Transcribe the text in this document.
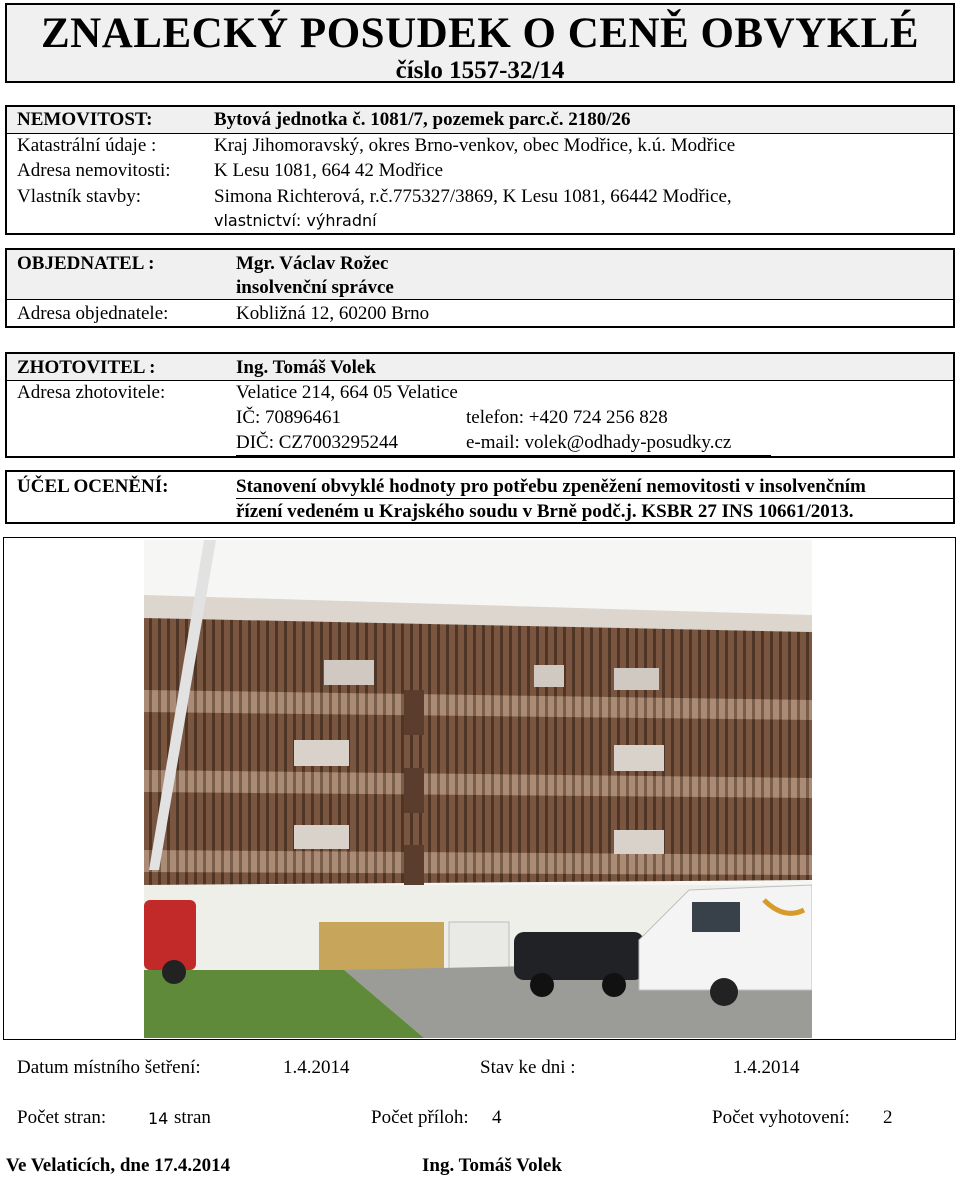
ZNALECKÝ POSUDEK O CENĚ OBVYKLÉ
číslo 1557-32/14
NEMOVITOST:	Bytová jednotka č. 1081/7, pozemek parc.č. 2180/26
Katastrální údaje :	Kraj Jihomoravský, okres Brno-venkov, obec Modřice, k.ú. Modřice
Adresa nemovitosti: K Lesu 1081, 664 42 Modřice
Vlastník stavby:	Simona Richterová, r.č.775327/3869, K Lesu 1081, 66442 Modřice,
vlastnictví: výhradní
OBJEDNATEL :	Mgr. Václav Rožec
insolvenční správce
Adresa objednatele:	Kobližná 12, 60200 Brno
ZHOTOVITEL :	Ing. Tomáš Volek
Adresa zhotovitele:	Velatice 214, 664 05 Velatice
IČ: 70896461	telefon: +420 724 256 828
DIČ: CZ7003295244	e-mail: volek@odhady-posudky.cz
ÚČEL OCENĚNÍ:	Stanovení obvyklé hodnoty pro potřebu zpeněžení nemovitosti v insolvenčním
řízení vedeném u Krajského soudu v Brně podč.j. KSBR 27 INS 10661/2013.
Datum místního šetření:	1.4.2014	Stav ke dni :	1.4.2014
Počet stran:	14 stran	Počet příloh: 4	Počet vyhotovení: 2
Ve Velaticích, dne 17.4.2014	Ing. Tomáš Volek
